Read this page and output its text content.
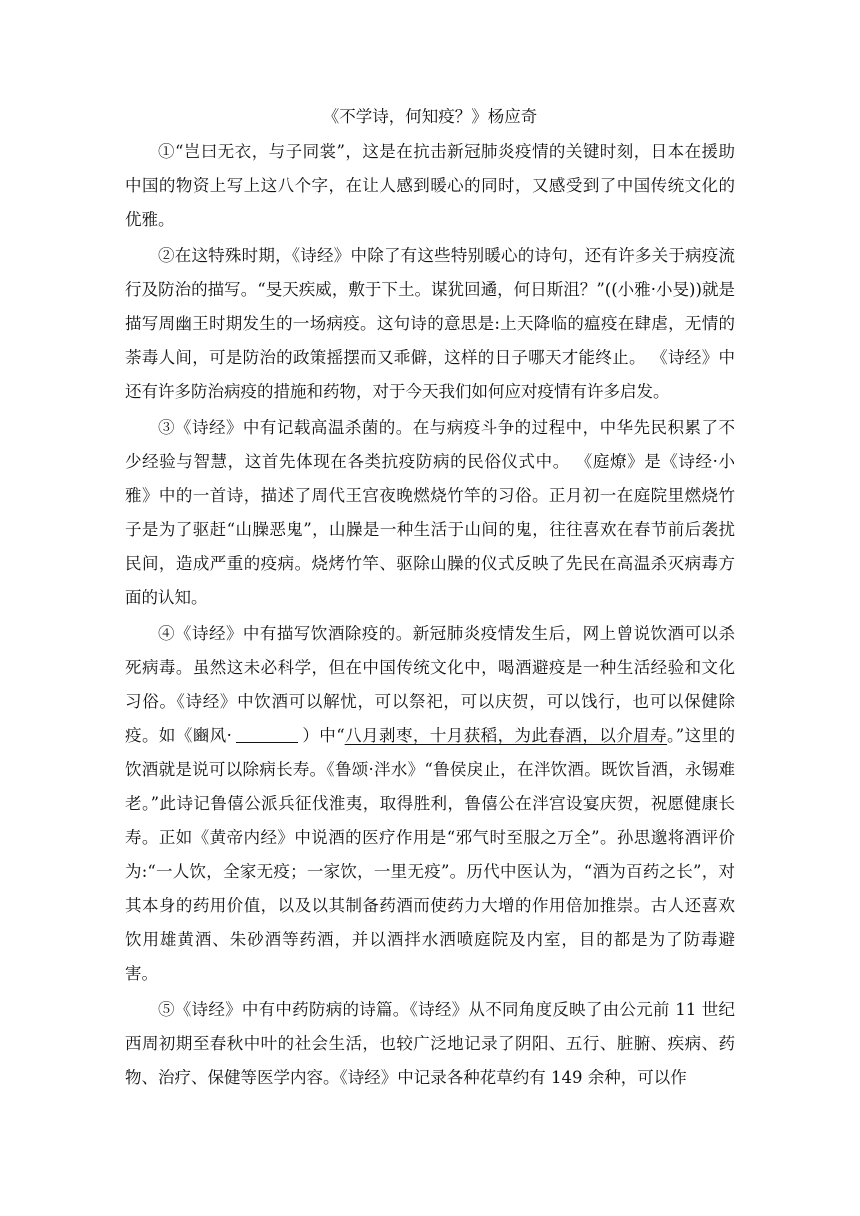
《不学诗，何知疫？》杨应奇

①“岂曰无衣，与子同裳”，这是在抗击新冠肺炎疫情的关键时刻，日本在援助中国的物资上写上这八个字，在让人感到暖心的同时，又感受到了中国传统文化的优雅。

②在这特殊时期，《诗经》中除了有这些特别暖心的诗句，还有许多关于病疫流行及防治的描写。“旻天疾威，敷于下土。谋犹回遹，何日斯沮？”((小雅·小旻))就是描写周幽王时期发生的一场病疫。这句诗的意思是:上天降临的瘟疫在肆虐，无情的荼毒人间，可是防治的政策摇摆而又乖僻，这样的日子哪天才能终止。 《诗经》中还有许多防治病疫的措施和药物，对于今天我们如何应对疫情有许多启发。

③《诗经》中有记载高温杀菌的。在与病疫斗争的过程中，中华先民积累了不少经验与智慧，这首先体现在各类抗疫防病的民俗仪式中。 《庭燎》是《诗经·小雅》中的一首诗，描述了周代王宫夜晚燃烧竹竿的习俗。正月初一在庭院里燃烧竹子是为了驱赶“山臊恶鬼”，山臊是一种生活于山间的鬼，往往喜欢在春节前后袭扰民间，造成严重的疫病。烧烤竹竿、驱除山臊的仪式反映了先民在高温杀灭病毒方面的认知。

④《诗经》中有描写饮酒除疫的。新冠肺炎疫情发生后，网上曾说饮酒可以杀死病毒。虽然这未必科学，但在中国传统文化中，喝酒避疫是一种生活经验和文化习俗。《诗经》中饮酒可以解忧，可以祭祀，可以庆贺，可以饯行，也可以保健除疫。如《豳风·	）中“八月剥枣，十月获稻，为此春酒，以介眉寿。”这里的饮酒就是说可以除病长寿。《鲁颂·泮水》“鲁侯戾止，在泮饮酒。既饮旨酒，永锡难老。”此诗记鲁僖公派兵征伐淮夷，取得胜利，鲁僖公在泮宫设宴庆贺，祝愿健康长寿。正如《黄帝内经》中说酒的医疗作用是“邪气时至服之万全”。孙思邈将酒评价为:“一人饮，全家无疫；一家饮，一里无疫”。历代中医认为，“酒为百药之长”，对其本身的药用价值，以及以其制备药酒而使药力大增的作用倍加推崇。古人还喜欢饮用雄黄酒、朱砂酒等药酒，并以酒拌水洒喷庭院及内室，目的都是为了防毒避害。

⑤《诗经》中有中药防病的诗篇。《诗经》从不同角度反映了由公元前 11 世纪西周初期至春秋中叶的社会生活，也较广泛地记录了阴阳、五行、脏腑、疾病、药物、治疗、保健等医学内容。《诗经》中记录各种花草约有 149 余种，可以作
